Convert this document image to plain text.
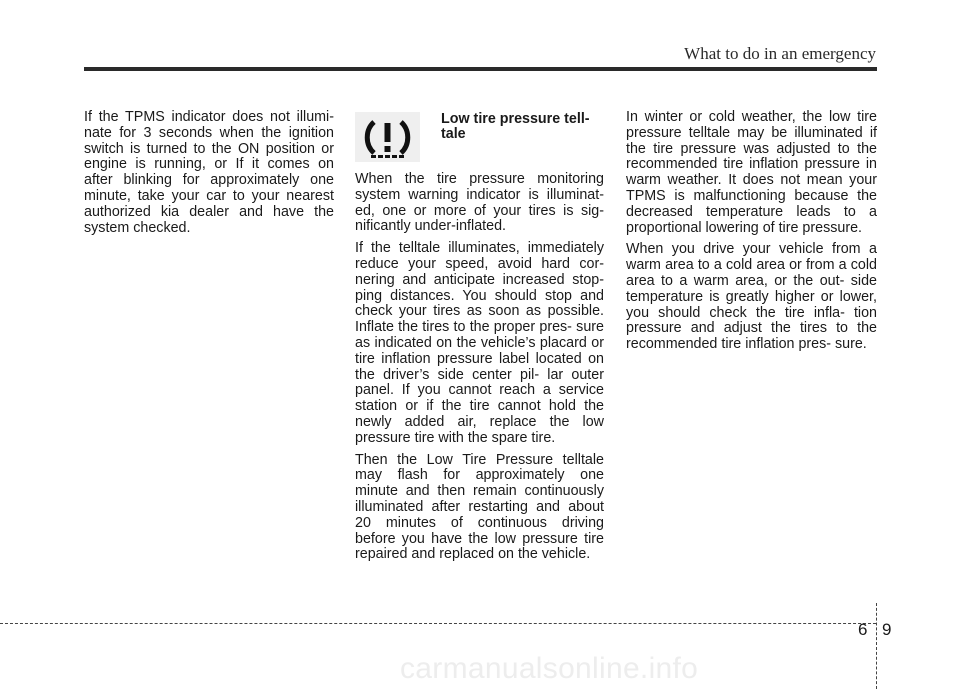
What to do in an emergency

If the TPMS indicator does not illumi- nate for 3 seconds when the ignition switch is turned to the ON position or engine is running, or If it comes on after blinking for approximately one minute, take your car to your nearest authorized kia dealer and have the system checked.

Low tire pressure tell- tale

When the tire pressure monitoring system warning indicator is illuminat- ed, one or more of your tires is sig- nificantly under-inflated.

If the telltale illuminates, immediately reduce your speed, avoid hard cor- nering and anticipate increased stop- ping distances. You should stop and check your tires as soon as possible. Inflate the tires to the proper pres- sure as indicated on the vehicle’s placard or tire inflation pressure label located on the driver’s side center pil- lar outer panel. If you cannot reach a service station or if the tire cannot hold the newly added air, replace the low pressure tire with the spare tire.

Then the Low Tire Pressure telltale may flash for approximately one minute and then remain continuously illuminated after restarting and about 20 minutes of continuous driving before you have the low pressure tire repaired and replaced on the vehicle.

In winter or cold weather, the low tire pressure telltale may be illuminated if the tire pressure was adjusted to the recommended tire inflation pressure in warm weather. It does not mean your TPMS is malfunctioning because the decreased temperature leads to a proportional lowering of tire pressure.

When you drive your vehicle from a warm area to a cold area or from a cold area to a warm area, or the out- side temperature is greatly higher or lower, you should check the tire infla- tion pressure and adjust the tires to the recommended tire inflation pres- sure.

6 9
carmanualsonline.info
